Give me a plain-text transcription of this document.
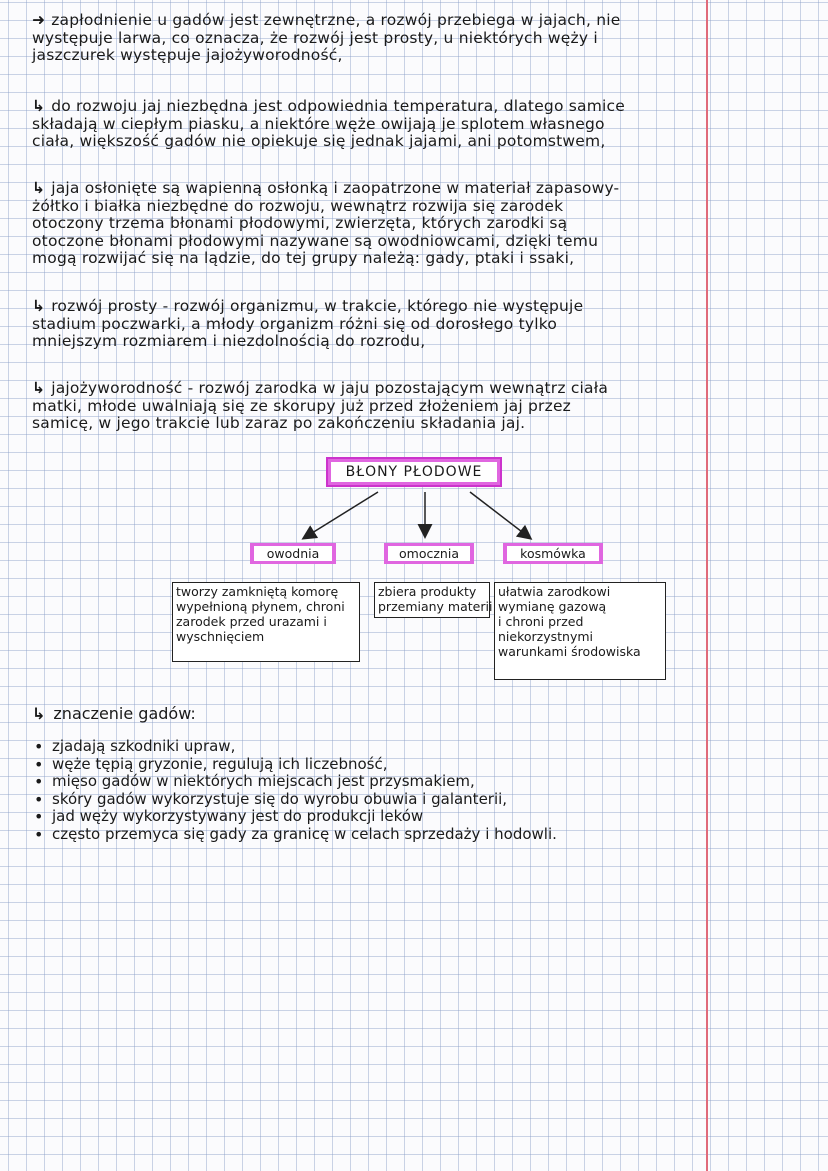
➜ zapłodnienie u gadów jest zewnętrzne, a rozwój przebiega w jajach, nie
występuje larwa, co oznacza, że rozwój jest prosty, u niektórych węży i
jaszczurek występuje jajożyworodność,
↳ do rozwoju jaj niezbędna jest odpowiednia temperatura, dlatego samice
składają w ciepłym piasku, a niektóre węże owijają je splotem własnego
ciała, większość gadów nie opiekuje się jednak jajami, ani potomstwem,
↳ jaja osłonięte są wapienną osłonką i zaopatrzone w materiał zapasowy-
żółtko i białka niezbędne do rozwoju, wewnątrz rozwija się zarodek
otoczony trzema błonami płodowymi, zwierzęta, których zarodki są
otoczone błonami płodowymi nazywane są owodniowcami, dzięki temu
mogą rozwijać się na lądzie, do tej grupy należą: gady, ptaki i ssaki,
↳ rozwój prosty - rozwój organizmu, w trakcie, którego nie występuje
stadium poczwarki, a młody organizm różni się od dorosłego tylko
mniejszym rozmiarem i niezdolnością do rozrodu,
↳ jajożyworodność - rozwój zarodka w jaju pozostającym wewnątrz ciała
matki, młode uwalniają się ze skorupy już przed złożeniem jaj przez
samicę, w jego trakcie lub zaraz po zakończeniu składania jaj.
BŁONY PŁODOWE
owodnia	omocznia	kosmówka
tworzy zamkniętą komorę
wypełnioną płynem, chroni
zarodek przed urazami i
wyschnięciem
zbiera produkty
przemiany materii
ułatwia zarodkowi
wymianę gazową
i chroni przed
niekorzystnymi
warunkami środowiska
↳ znaczenie gadów:
• zjadają szkodniki upraw,
• węże tępią gryzonie, regulują ich liczebność,
• mięso gadów w niektórych miejscach jest przysmakiem,
• skóry gadów wykorzystuje się do wyrobu obuwia i galanterii,
• jad węży wykorzystywany jest do produkcji leków
• często przemyca się gady za granicę w celach sprzedaży i hodowli.
